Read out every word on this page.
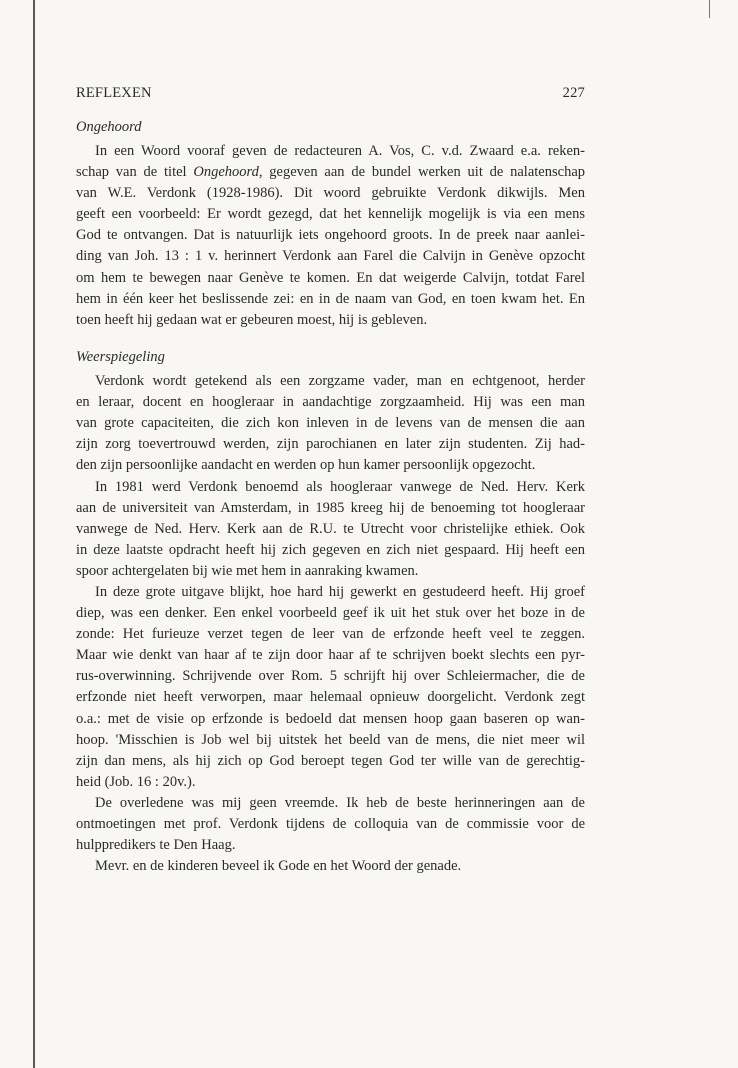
REFLEXEN	227
Ongehoord
In een Woord vooraf geven de redacteuren A. Vos, C. v.d. Zwaard e.a. reken-
schap van de titel Ongehoord, gegeven aan de bundel werken uit de nalatenschap
van W.E. Verdonk (1928-1986). Dit woord gebruikte Verdonk dikwijls. Men
geeft een voorbeeld: Er wordt gezegd, dat het kennelijk mogelijk is via een mens
God te ontvangen. Dat is natuurlijk iets ongehoord groots. In de preek naar aanlei-
ding van Joh. 13 : 1 v. herinnert Verdonk aan Farel die Calvijn in Genève opzocht
om hem te bewegen naar Genève te komen. En dat weigerde Calvijn, totdat Farel
hem in één keer het beslissende zei: en in de naam van God, en toen kwam het. En
toen heeft hij gedaan wat er gebeuren moest, hij is gebleven.
Weerspiegeling
Verdonk wordt getekend als een zorgzame vader, man en echtgenoot, herder
en leraar, docent en hoogleraar in aandachtige zorgzaamheid. Hij was een man
van grote capaciteiten, die zich kon inleven in de levens van de mensen die aan
zijn zorg toevertrouwd werden, zijn parochianen en later zijn studenten. Zij had-
den zijn persoonlijke aandacht en werden op hun kamer persoonlijk opgezocht.
In 1981 werd Verdonk benoemd als hoogleraar vanwege de Ned. Herv. Kerk
aan de universiteit van Amsterdam, in 1985 kreeg hij de benoeming tot hoogleraar
vanwege de Ned. Herv. Kerk aan de R.U. te Utrecht voor christelijke ethiek. Ook
in deze laatste opdracht heeft hij zich gegeven en zich niet gespaard. Hij heeft een
spoor achtergelaten bij wie met hem in aanraking kwamen.
In deze grote uitgave blijkt, hoe hard hij gewerkt en gestudeerd heeft. Hij groef
diep, was een denker. Een enkel voorbeeld geef ik uit het stuk over het boze in de
zonde: Het furieuze verzet tegen de leer van de erfzonde heeft veel te zeggen.
Maar wie denkt van haar af te zijn door haar af te schrijven boekt slechts een pyr-
rus-overwinning. Schrijvende over Rom. 5 schrijft hij over Schleiermacher, die de
erfzonde niet heeft verworpen, maar helemaal opnieuw doorgelicht. Verdonk zegt
o.a.: met de visie op erfzonde is bedoeld dat mensen hoop gaan baseren op wan-
hoop. 'Misschien is Job wel bij uitstek het beeld van de mens, die niet meer wil
zijn dan mens, als hij zich op God beroept tegen God ter wille van de gerechtig-
heid (Job. 16 : 20v.).
De overledene was mij geen vreemde. Ik heb de beste herinneringen aan de
ontmoetingen met prof. Verdonk tijdens de colloquia van de commissie voor de
hulppredikers te Den Haag.
Mevr. en de kinderen beveel ik Gode en het Woord der genade.
